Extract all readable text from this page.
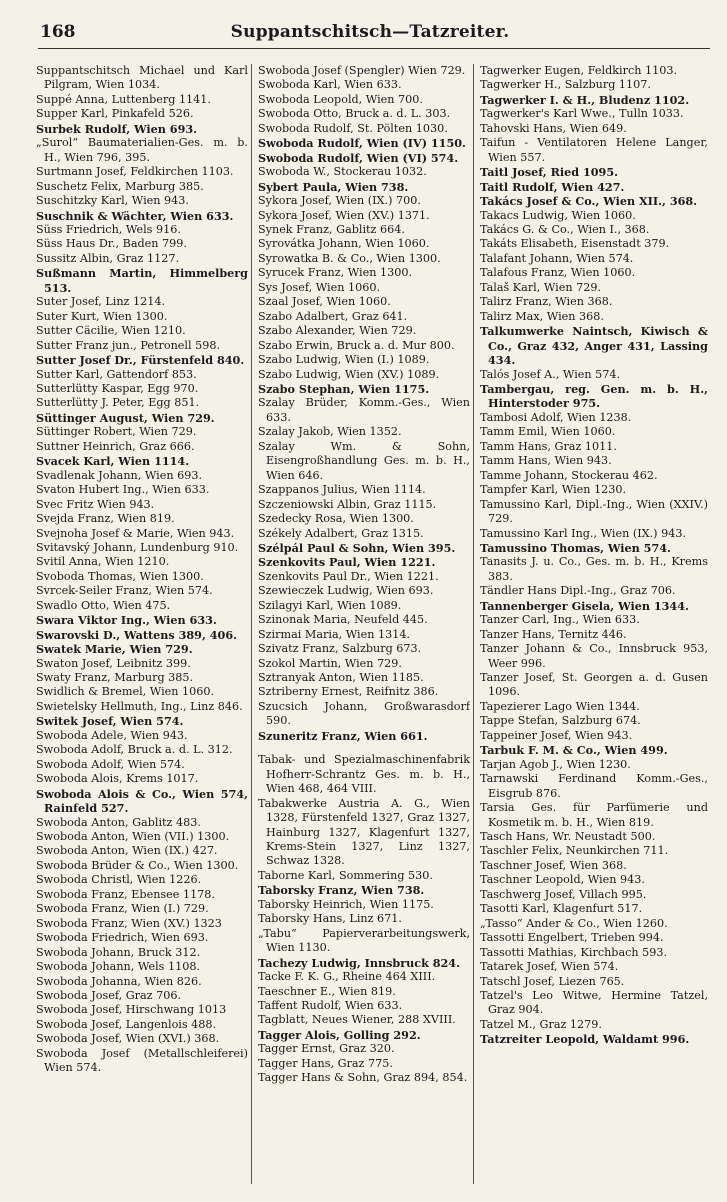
168	Suppantschitsch—Tatzreiter.

Suppantschitsch Michael und Karl Pilgram, Wien 1034.

Suppé Anna, Luttenberg 1141.

Supper Karl, Pinkafeld 526.

Surbek Rudolf, Wien 693.

„Surol“ Baumaterialien-Ges. m. b. H., Wien 796, 395.

Surtmann Josef, Feldkirchen 1103.

Suschetz Felix, Marburg 385.

Suschitzky Karl, Wien 943.

Suschnik & Wächter, Wien 633.

Süss Friedrich, Wels 916.

Süss Haus Dr., Baden 799.

Sussitz Albin, Graz 1127.

Sußmann Martin, Himmelberg 513.

Suter Josef, Linz 1214.

Suter Kurt, Wien 1300.

Sutter Cäcilie, Wien 1210.

Sutter Franz jun., Petronell 598.

Sutter Josef Dr., Fürstenfeld 840.

Sutter Karl, Gattendorf 853.

Sutterlütty Kaspar, Egg 970.

Sutterlütty J. Peter, Egg 851.

Süttinger August, Wien 729.

Süttinger Robert, Wien 729.

Suttner Heinrich, Graz 666.

Svacek Karl, Wien 1114.

Svadlenak Johann, Wien 693.

Svaton Hubert Ing., Wien 633.

Svec Fritz Wien 943.

Svejda Franz, Wien 819.

Svejnoha Josef & Marie, Wien 943.

Svitavský Johann, Lundenburg 910.

Svitil Anna, Wien 1210.

Svoboda Thomas, Wien 1300.

Svrcek-Seiler Franz, Wien 574.

Swadlo Otto, Wien 475.

Swara Viktor Ing., Wien 633.

Swarovski D., Wattens 389, 406.

Swatek Marie, Wien 729.

Swaton Josef, Leibnitz 399.

Swaty Franz, Marburg 385.

Swidlich & Bremel, Wien 1060.

Swietelsky Hellmuth, Ing., Linz 846.

Switek Josef, Wien 574.

Swoboda Adele, Wien 943.

Swoboda Adolf, Bruck a. d. L. 312.

Swoboda Adolf, Wien 574.

Swoboda Alois, Krems 1017.

Swoboda Alois & Co., Wien 574, Rainfeld 527.

Swoboda Anton, Gablitz 483.

Swoboda Anton, Wien (VII.) 1300.

Swoboda Anton, Wien (IX.) 427.

Swoboda Brüder & Co., Wien 1300.

Swoboda Christl, Wien 1226.

Swoboda Franz, Ebensee 1178.

Swoboda Franz, Wien (I.) 729.

Swoboda Franz, Wien (XV.) 1323

Swoboda Friedrich, Wien 693.

Swoboda Johann, Bruck 312.

Swoboda Johann, Wels 1108.

Swoboda Johanna, Wien 826.

Swoboda Josef, Graz 706.

Swoboda Josef, Hirschwang 1013

Swoboda Josef, Langenlois 488.

Swoboda Josef, Wien (XVI.) 368.

Swoboda Josef (Metallschleiferei) Wien 574.

Swoboda Josef (Spengler) Wien 729.

Swoboda Karl, Wien 633.

Swoboda Leopold, Wien 700.

Swoboda Otto, Bruck a. d. L. 303.

Swoboda Rudolf, St. Pölten 1030.

Swoboda Rudolf, Wien (IV) 1150.

Swoboda Rudolf, Wien (VI) 574.

Swoboda W., Stockerau 1032.

Sybert Paula, Wien 738.

Sykora Josef, Wien (IX.) 700.

Sykora Josef, Wien (XV.) 1371.

Synek Franz, Gablitz 664.

Syrovátka Johann, Wien 1060.

Syrowatka B. & Co., Wien 1300.

Syrucek Franz, Wien 1300.

Sys Josef, Wien 1060.

Szaal Josef, Wien 1060.

Szabo Adalbert, Graz 641.

Szabo Alexander, Wien 729.

Szabo Erwin, Bruck a. d. Mur 800.

Szabo Ludwig, Wien (I.) 1089.

Szabo Ludwig, Wien (XV.) 1089.

Szabo Stephan, Wien 1175.

Szalay Brüder, Komm.-Ges., Wien 633.

Szalay Jakob, Wien 1352.

Szalay Wm. & Sohn, Eisengroßhandlung Ges. m. b. H., Wien 646.

Szappanos Julius, Wien 1114.

Szczeniowski Albin, Graz 1115.

Szedecky Rosa, Wien 1300.

Székely Adalbert, Graz 1315.

Szélpál Paul & Sohn, Wien 395.

Szenkovits Paul, Wien 1221.

Szenkovits Paul Dr., Wien 1221.

Szewieczek Ludwig, Wien 693.

Szilagyi Karl, Wien 1089.

Szinonak Maria, Neufeld 445.

Szirmai Maria, Wien 1314.

Szivatz Franz, Salzburg 673.

Szokol Martin, Wien 729.

Sztranyak Anton, Wien 1185.

Sztriberny Ernest, Reifnitz 386.

Szucsich Johann, Großwarasdorf 590.

Szuneritz Franz, Wien 661.

Tabak- und Spezialmaschinenfabrik Hofherr-Schrantz Ges. m. b. H., Wien 468, 464 VIII.

Tabakwerke Austria A. G., Wien 1328, Fürstenfeld 1327, Graz 1327, Hainburg 1327, Klagenfurt 1327, Krems-Stein 1327, Linz 1327, Schwaz 1328.

Taborne Karl, Sommering 530.

Taborsky Franz, Wien 738.

Taborsky Heinrich, Wien 1175.

Taborsky Hans, Linz 671.

„Tabu“ Papierverarbeitungswerk, Wien 1130.

Tachezy Ludwig, Innsbruck 824.

Tacke F. K. G., Rheine 464 XIII.

Taeschner E., Wien 819.

Taffent Rudolf, Wien 633.

Tagblatt, Neues Wiener, 288 XVIII.

Tagger Alois, Golling 292.

Tagger Ernst, Graz 320.

Tagger Hans, Graz 775.

Tagger Hans & Sohn, Graz 894, 854.

Tagwerker Eugen, Feldkirch 1103.

Tagwerker H., Salzburg 1107.

Tagwerker I. & H., Bludenz 1102.

Tagwerker's Karl Wwe., Tulln 1033.

Tahovski Hans, Wien 649.

Taifun - Ventilatoren Helene Langer, Wien 557.

Taitl Josef, Ried 1095.

Taitl Rudolf, Wien 427.

Takács Josef & Co., Wien XII., 368.

Takacs Ludwig, Wien 1060.

Takács G. & Co., Wien I., 368.

Takáts Elisabeth, Eisenstadt 379.

Talafant Johann, Wien 574.

Talafous Franz, Wien 1060.

Talaš Karl, Wien 729.

Talirz Franz, Wien 368.

Talirz Max, Wien 368.

Talkumwerke Naintsch, Kiwisch & Co., Graz 432, Anger 431, Lassing 434.

Talós Josef A., Wien 574.

Tambergau, reg. Gen. m. b. H., Hinterstoder 975.

Tambosi Adolf, Wien 1238.

Tamm Emil, Wien 1060.

Tamm Hans, Graz 1011.

Tamm Hans, Wien 943.

Tamme Johann, Stockerau 462.

Tampfer Karl, Wien 1230.

Tamussino Karl, Dipl.-Ing., Wien (XXIV.) 729.

Tamussino Karl Ing., Wien (IX.) 943.

Tamussino Thomas, Wien 574.

Tanasits J. u. Co., Ges. m. b. H., Krems 383.

Tändler Hans Dipl.-Ing., Graz 706.

Tannenberger Gisela, Wien 1344.

Tanzer Carl, Ing., Wien 633.

Tanzer Hans, Ternitz 446.

Tanzer Johann & Co., Innsbruck 953, Weer 996.

Tanzer Josef, St. Georgen a. d. Gusen 1096.

Tapezierer Lago Wien 1344.

Tappe Stefan, Salzburg 674.

Tappeiner Josef, Wien 943.

Tarbuk F. M. & Co., Wien 499.

Tarjan Agob J., Wien 1230.

Tarnawski Ferdinand Komm.-Ges., Eisgrub 876.

Tarsia Ges. für Parfümerie und Kosmetik m. b. H., Wien 819.

Tasch Hans, Wr. Neustadt 500.

Taschler Felix, Neunkirchen 711.

Taschner Josef, Wien 368.

Taschner Leopold, Wien 943.

Taschwerg Josef, Villach 995.

Tasotti Karl, Klagenfurt 517.

„Tasso“ Ander & Co., Wien 1260.

Tassotti Engelbert, Trieben 994.

Tassotti Mathias, Kirchbach 593.

Tatarek Josef, Wien 574.

Tatschl Josef, Liezen 765.

Tatzel's Leo Witwe, Hermine Tatzel, Graz 904.

Tatzel M., Graz 1279.

Tatzreiter Leopold, Waldamt 996.
